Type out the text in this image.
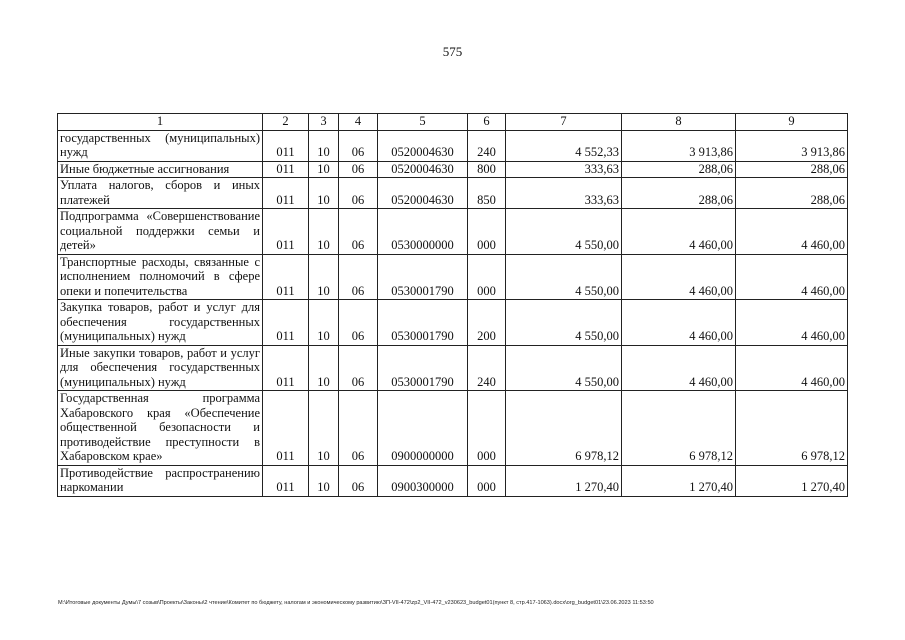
575
1	2	3	4	5	6	7	8	9
государственных (муниципальных) нужд	011	10	06	0520004630	240	4 552,33	3 913,86	3 913,86
Иные бюджетные ассигнования	011	10	06	0520004630	800	333,63	288,06	288,06
Уплата налогов, сборов и иных платежей	011	10	06	0520004630	850	333,63	288,06	288,06
Подпрограмма «Совершенствование социальной поддержки семьи и детей»	011	10	06	0530000000	000	4 550,00	4 460,00	4 460,00
Транспортные расходы, связанные с исполнением полномочий в сфере опеки и попечительства	011	10	06	0530001790	000	4 550,00	4 460,00	4 460,00
Закупка товаров, работ и услуг для обеспечения государственных (муниципальных) нужд	011	10	06	0530001790	200	4 550,00	4 460,00	4 460,00
Иные закупки товаров, работ и услуг для обеспечения государственных (муниципальных) нужд	011	10	06	0530001790	240	4 550,00	4 460,00	4 460,00
Государственная программа Хабаровского края «Обеспечение общественной безопасности и противодействие преступности в Хабаровском крае»	011	10	06	0900000000	000	6 978,12	6 978,12	6 978,12
Противодействие распространению наркомании	011	10	06	0900300000	000	1 270,40	1 270,40	1 270,40
M:\Итоговые документы Думы\7 созыв\Проекты\Законы\2 чтение\Комитет по бюджету, налогам и экономическому развитию\ЗП-VII-472\zp2_VII-472_v230623_budget01(пункт 8, стр.417-1063).docx\org_budget01\23.06.2023 11:53:50
